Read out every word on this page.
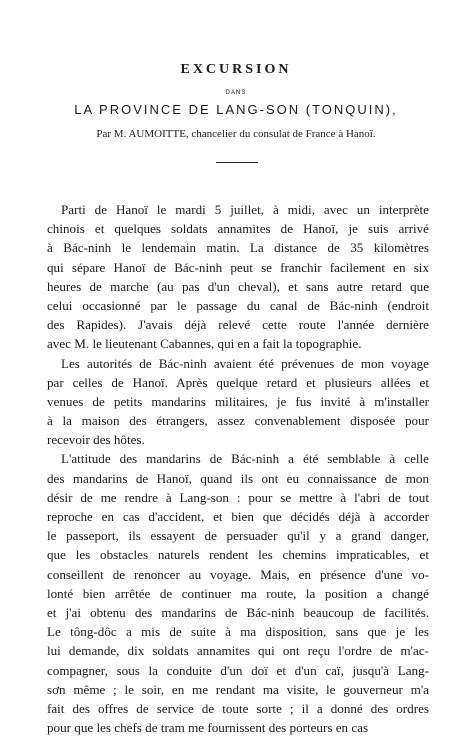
EXCURSION
DANS
LA PROVINCE DE LANG-SON (TONQUIN),
Par M. AUMOITTE, chancelier du consulat de France à Hanoï.
Parti de Hanoï le mardi 5 juillet, à midi, avec un interprète
chinois et quelques soldats annamites de Hanoï, je suis arrivé
à Bác-ninh le lendemain matin. La distance de 35 kilomètres
qui sépare Hanoï de Bác-ninh peut se franchir facilement en six
heures de marche (au pas d'un cheval), et sans autre retard que
celui occasionné par le passage du canal de Bác-ninh (endroit
des Rapides). J'avais déjà relevé cette route l'année dernière
avec M. le lieutenant Cabannes, qui en a fait la topographie.
Les autorités de Bác-ninh avaient été prévenues de mon voyage
par celles de Hanoï. Après quelque retard et plusieurs allées et
venues de petits mandarins militaires, je fus invité à m'installer
à la maison des étrangers, assez convenablement disposée pour
recevoir des hôtes.
L'attitude des mandarins de Bác-ninh a été semblable à celle
des mandarins de Hanoï, quand ils ont eu connaissance de mon
désir de me rendre à Lang-son : pour se mettre à l'abri de tout
reproche en cas d'accident, et bien que décidés déjà à accorder
le passeport, ils essayent de persuader qu'il y a grand danger,
que les obstacles naturels rendent les chemins impraticables, et
conseillent de renoncer au voyage. Mais, en présence d'une vo-
lonté bien arrêtée de continuer ma route, la position a changé
et j'ai obtenu des mandarins de Bác-ninh beaucoup de facilités.
Le tông-dôc a mis de suite à ma disposition, sans que je les
lui demande, dix soldats annamites qui ont reçu l'ordre de m'ac-
compagner, sous la conduite d'un doï et d'un caï, jusqu'à Lang-
sơn même ; le soir, en me rendant ma visite, le gouverneur m'a
fait des offres de service de toute sorte ; il a donné des ordres
pour que les chefs de tram me fournissent des porteurs en cas
